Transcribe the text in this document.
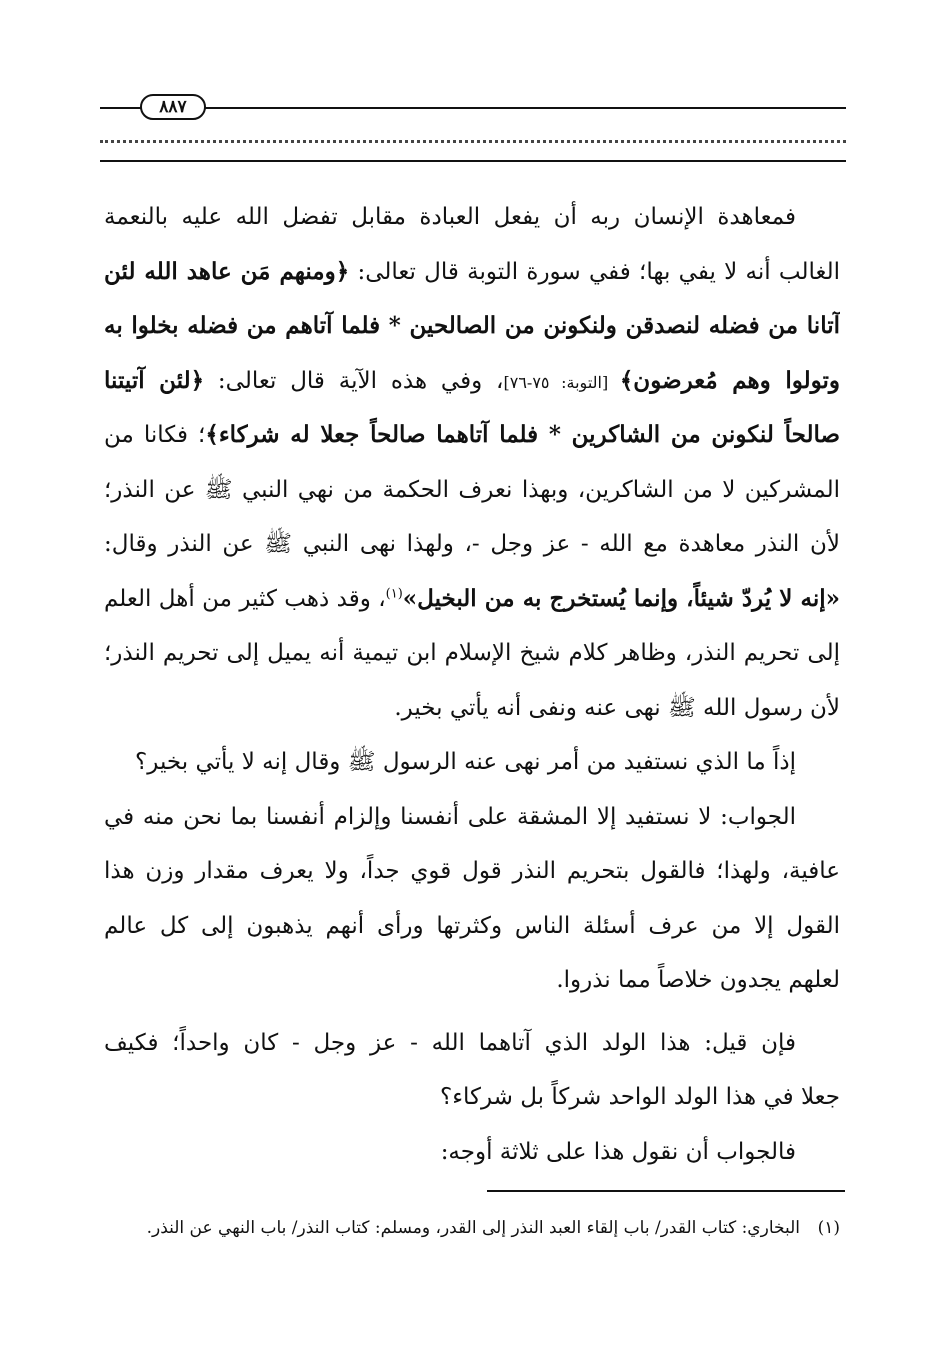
٨٨٧
فمعاهدة الإنسان ربه أن يفعل العبادة مقابل تفضل الله عليه بالنعمة
الغالب أنه لا يفي بها؛ ففي سورة التوبة قال تعالى: ﴿ومنهم مَن عاهد الله لئن
آتانا من فضله لنصدقن ولنكونن من الصالحين * فلما آتاهم من فضله بخلوا به
وتولوا وهم مُعرضون﴾ [التوبة: ٧٥-٧٦]، وفي هذه الآية قال تعالى: ﴿لئن آتيتنا
صالحاً لنكونن من الشاكرين * فلما آتاهما صالحاً جعلا له شركاء﴾؛ فكانا من
المشركين لا من الشاكرين، وبهذا نعرف الحكمة من نهي النبي ﷺ عن النذر؛
لأن النذر معاهدة مع الله - عز وجل -، ولهذا نهى النبي ﷺ عن النذر وقال:
«إنه لا يُردّ شيئاً، وإنما يُستخرج به من البخيل»$^{(١)}$، وقد ذهب كثير من أهل العلم
إلى تحريم النذر، وظاهر كلام شيخ الإسلام ابن تيمية أنه يميل إلى تحريم النذر؛
لأن رسول الله ﷺ نهى عنه ونفى أنه يأتي بخير.
إذاً ما الذي نستفيد من أمر نهى عنه الرسول ﷺ وقال إنه لا يأتي بخير؟
الجواب: لا نستفيد إلا المشقة على أنفسنا وإلزام أنفسنا بما نحن منه في
عافية، ولهذا؛ فالقول بتحريم النذر قول قوي جداً، ولا يعرف مقدار وزن هذا
القول إلا من عرف أسئلة الناس وكثرتها ورأى أنهم يذهبون إلى كل عالم
لعلهم يجدون خلاصاً مما نذروا.
فإن قيل: هذا الولد الذي آتاهما الله - عز وجل - كان واحداً؛ فكيف
جعلا في هذا الولد الواحد شركاً بل شركاء؟
فالجواب أن نقول هذا على ثلاثة أوجه:
(١)البخاري: كتاب القدر/ باب إلقاء العبد النذر إلى القدر، ومسلم: كتاب النذر/ باب النهي عن النذر.
